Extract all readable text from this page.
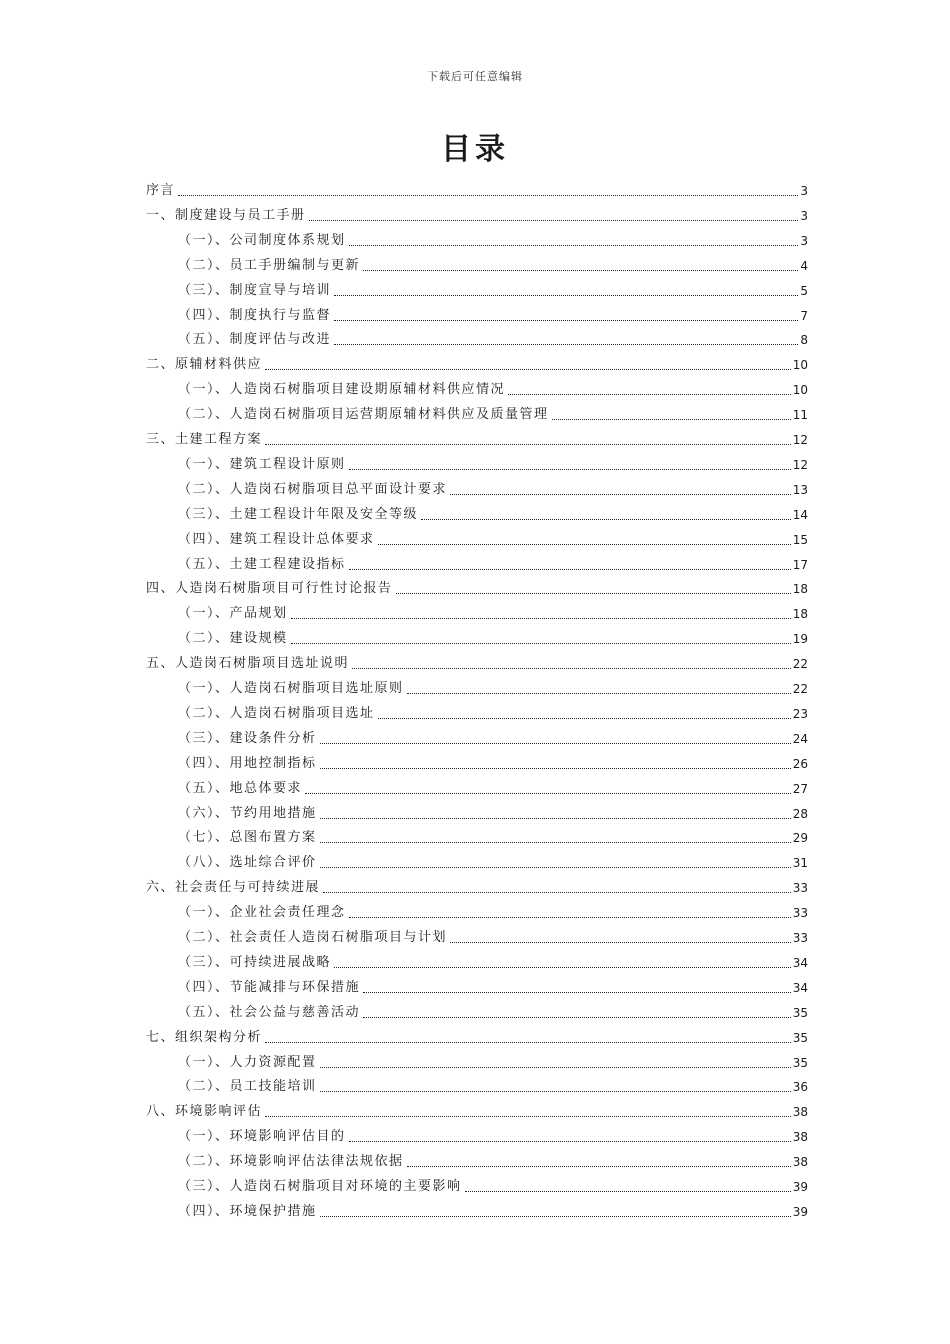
下载后可任意编辑
目录
序言	3
一、制度建设与员工手册	3
（一）、公司制度体系规划	3
（二）、员工手册编制与更新	4
（三）、制度宣导与培训	5
（四）、制度执行与监督	7
（五）、制度评估与改进	8
二、原辅材料供应	10
（一）、人造岗石树脂项目建设期原辅材料供应情况	10
（二）、人造岗石树脂项目运营期原辅材料供应及质量管理	11
三、土建工程方案	12
（一）、建筑工程设计原则	12
（二）、人造岗石树脂项目总平面设计要求	13
（三）、土建工程设计年限及安全等级	14
（四）、建筑工程设计总体要求	15
（五）、土建工程建设指标	17
四、人造岗石树脂项目可行性讨论报告	18
（一）、产品规划	18
（二）、建设规模	19
五、人造岗石树脂项目选址说明	22
（一）、人造岗石树脂项目选址原则	22
（二）、人造岗石树脂项目选址	23
（三）、建设条件分析	24
（四）、用地控制指标	26
（五）、地总体要求	27
（六）、节约用地措施	28
（七）、总图布置方案	29
（八）、选址综合评价	31
六、社会责任与可持续进展	33
（一）、企业社会责任理念	33
（二）、社会责任人造岗石树脂项目与计划	33
（三）、可持续进展战略	34
（四）、节能减排与环保措施	34
（五）、社会公益与慈善活动	35
七、组织架构分析	35
（一）、人力资源配置	35
（二）、员工技能培训	36
八、环境影响评估	38
（一）、环境影响评估目的	38
（二）、环境影响评估法律法规依据	38
（三）、人造岗石树脂项目对环境的主要影响	39
（四）、环境保护措施	39
